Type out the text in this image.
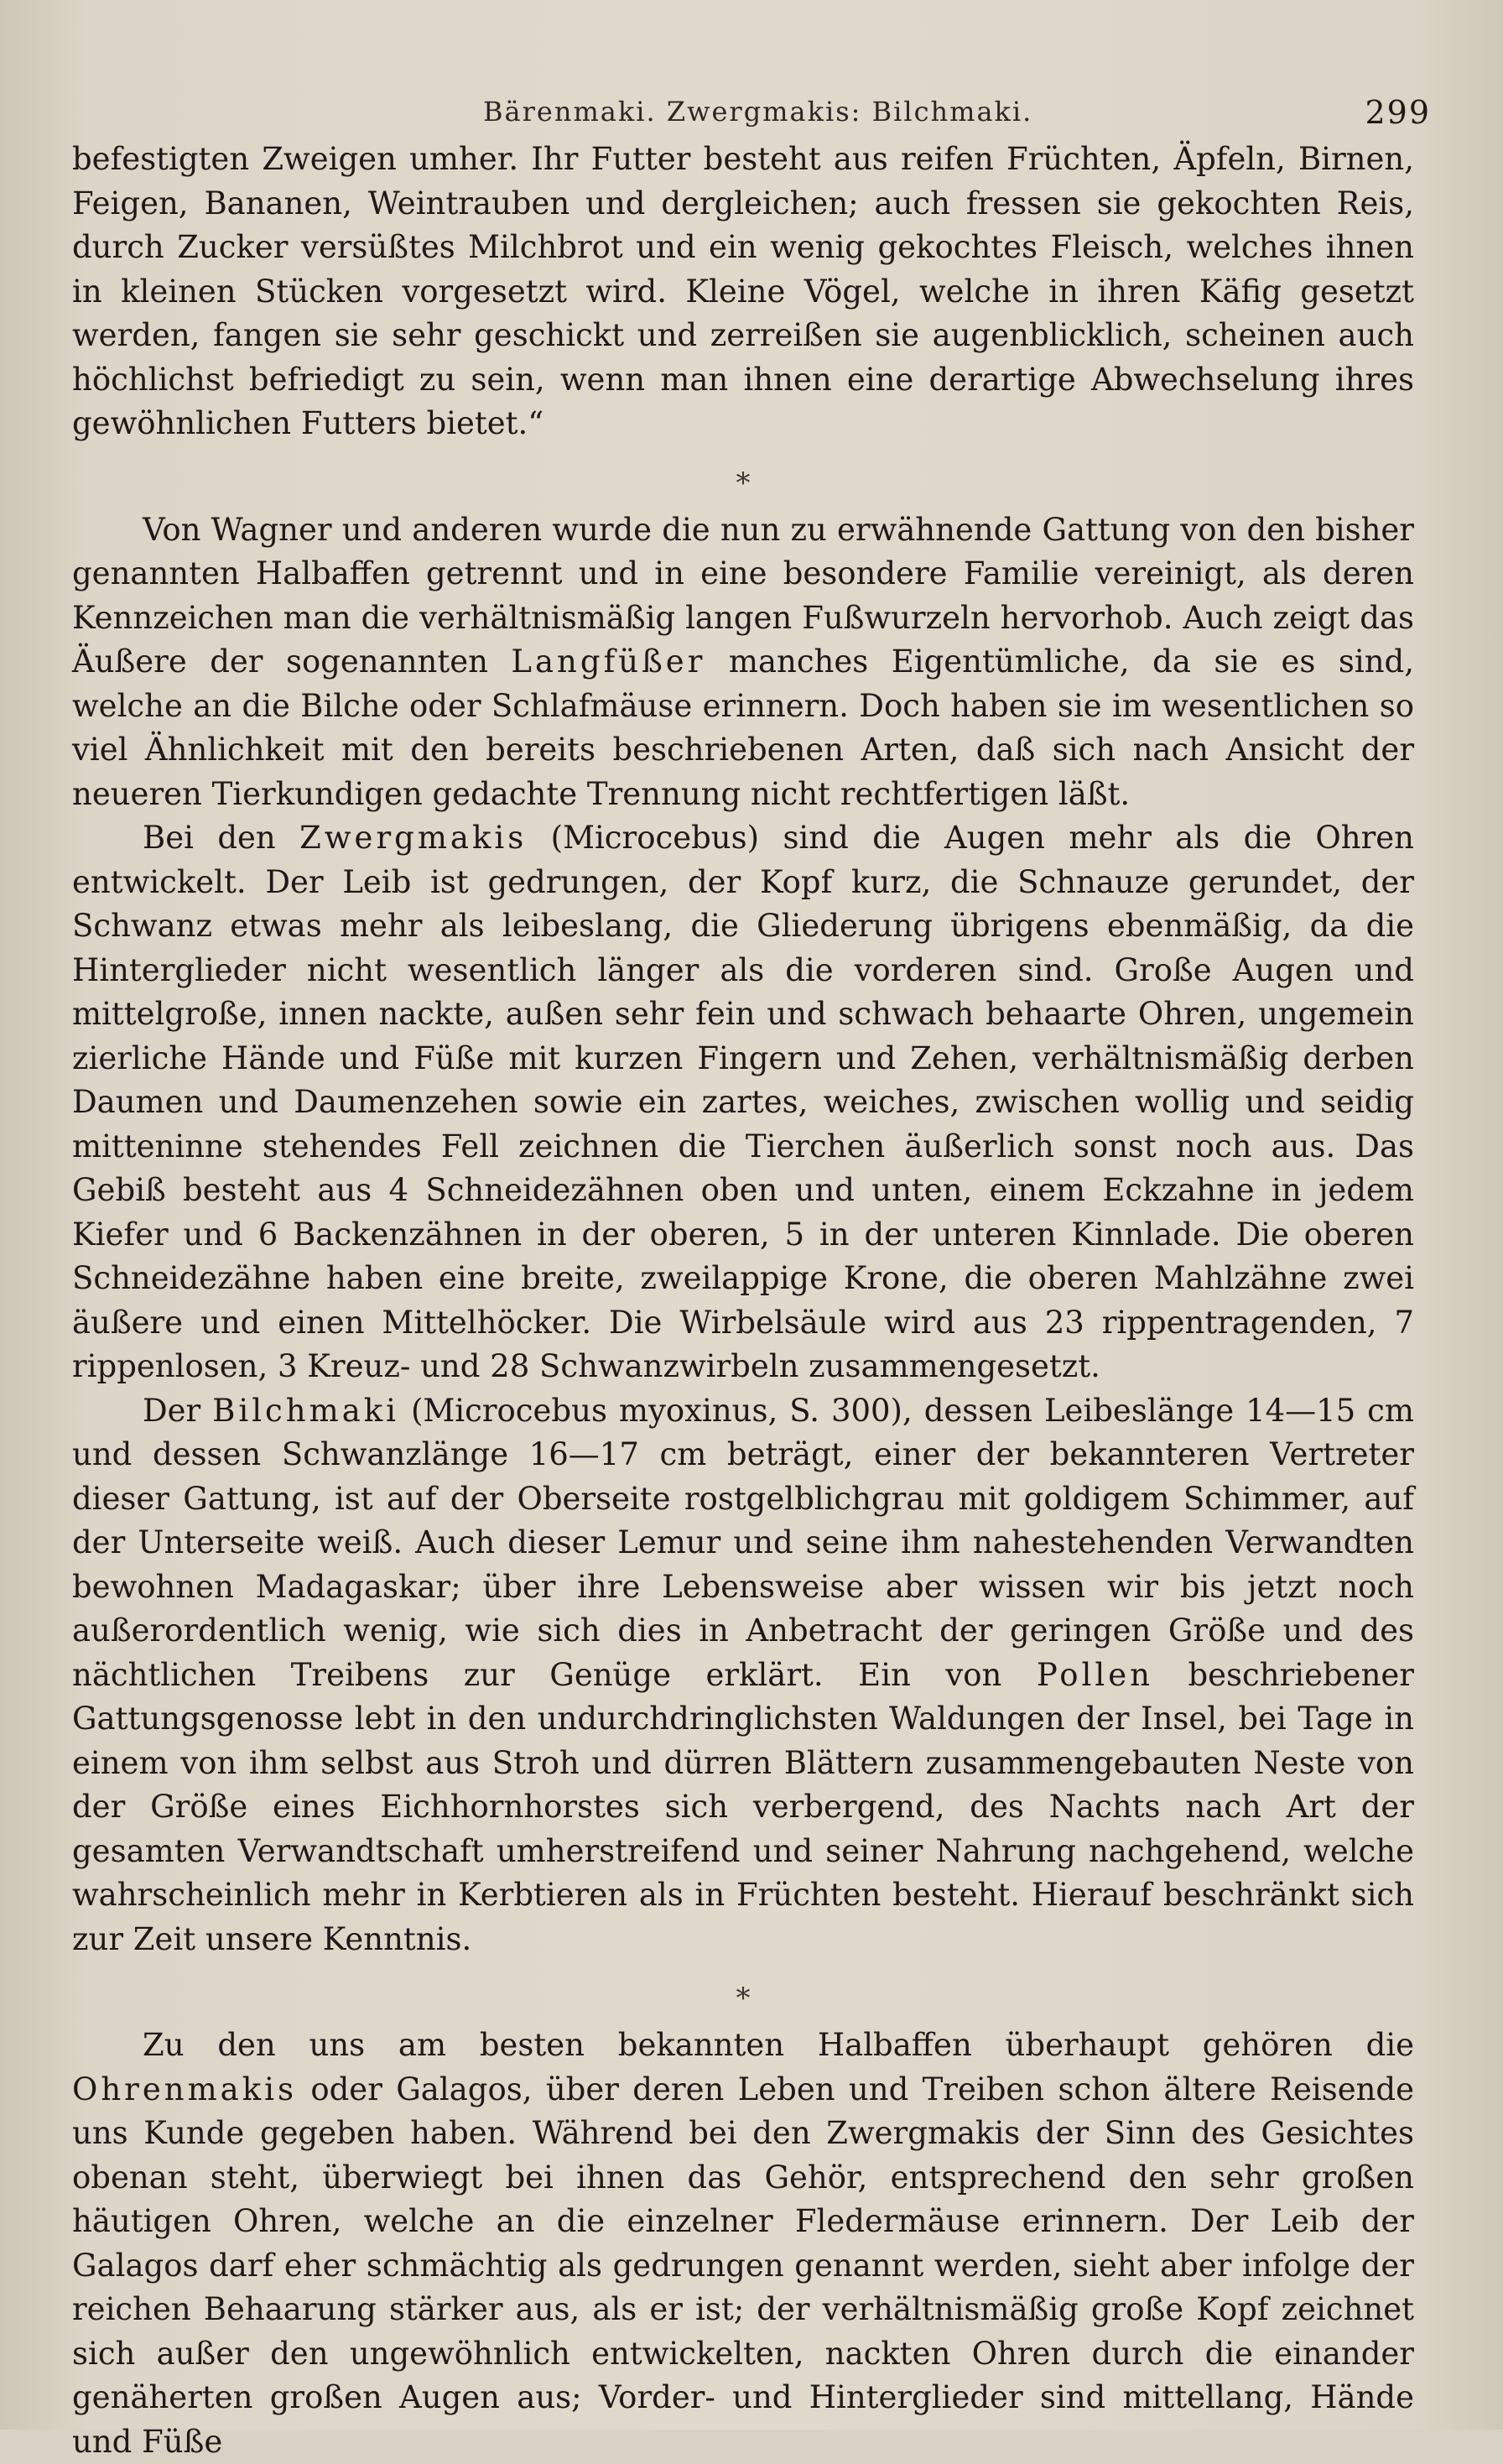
Bärenmaki. Zwergmakis: Bilchmaki.	299

befestigten Zweigen umher. Ihr Futter besteht aus reifen Früchten, Äpfeln, Birnen, Feigen, Bananen, Weintrauben und dergleichen; auch fressen sie gekochten Reis, durch Zucker versüßtes Milchbrot und ein wenig gekochtes Fleisch, welches ihnen in kleinen Stücken vorgesetzt wird. Kleine Vögel, welche in ihren Käfig gesetzt werden, fangen sie sehr geschickt und zerreißen sie augenblicklich, scheinen auch höchlichst befriedigt zu sein, wenn man ihnen eine derartige Abwechselung ihres gewöhnlichen Futters bietet.“

*

Von Wagner und anderen wurde die nun zu erwähnende Gattung von den bisher genannten Halbaffen getrennt und in eine besondere Familie vereinigt, als deren Kennzeichen man die verhältnismäßig langen Fußwurzeln hervorhob. Auch zeigt das Äußere der sogenannten Langfüßer manches Eigentümliche, da sie es sind, welche an die Bilche oder Schlafmäuse erinnern. Doch haben sie im wesentlichen so viel Ähnlichkeit mit den bereits beschriebenen Arten, daß sich nach Ansicht der neueren Tierkundigen gedachte Trennung nicht rechtfertigen läßt.

Bei den Zwergmakis (Microcebus) sind die Augen mehr als die Ohren entwickelt. Der Leib ist gedrungen, der Kopf kurz, die Schnauze gerundet, der Schwanz etwas mehr als leibeslang, die Gliederung übrigens ebenmäßig, da die Hinterglieder nicht wesentlich länger als die vorderen sind. Große Augen und mittelgroße, innen nackte, außen sehr fein und schwach behaarte Ohren, ungemein zierliche Hände und Füße mit kurzen Fingern und Zehen, verhältnismäßig derben Daumen und Daumenzehen sowie ein zartes, weiches, zwischen wollig und seidig mitteninne stehendes Fell zeichnen die Tierchen äußerlich sonst noch aus. Das Gebiß besteht aus 4 Schneidezähnen oben und unten, einem Eckzahne in jedem Kiefer und 6 Backenzähnen in der oberen, 5 in der unteren Kinnlade. Die oberen Schneidezähne haben eine breite, zweilappige Krone, die oberen Mahlzähne zwei äußere und einen Mittelhöcker. Die Wirbelsäule wird aus 23 rippentragenden, 7 rippenlosen, 3 Kreuz- und 28 Schwanzwirbeln zusammengesetzt.

Der Bilchmaki (Microcebus myoxinus, S. 300), dessen Leibeslänge 14—15 cm und dessen Schwanzlänge 16—17 cm beträgt, einer der bekannteren Vertreter dieser Gattung, ist auf der Oberseite rostgelblichgrau mit goldigem Schimmer, auf der Unterseite weiß. Auch dieser Lemur und seine ihm nahestehenden Verwandten bewohnen Madagaskar; über ihre Lebensweise aber wissen wir bis jetzt noch außerordentlich wenig, wie sich dies in Anbetracht der geringen Größe und des nächtlichen Treibens zur Genüge erklärt. Ein von Pollen beschriebener Gattungsgenosse lebt in den undurchdringlichsten Waldungen der Insel, bei Tage in einem von ihm selbst aus Stroh und dürren Blättern zusammengebauten Neste von der Größe eines Eichhornhorstes sich verbergend, des Nachts nach Art der gesamten Verwandtschaft umherstreifend und seiner Nahrung nachgehend, welche wahrscheinlich mehr in Kerbtieren als in Früchten besteht. Hierauf beschränkt sich zur Zeit unsere Kenntnis.

*

Zu den uns am besten bekannten Halbaffen überhaupt gehören die Ohrenmakis oder Galagos, über deren Leben und Treiben schon ältere Reisende uns Kunde gegeben haben. Während bei den Zwergmakis der Sinn des Gesichtes obenan steht, überwiegt bei ihnen das Gehör, entsprechend den sehr großen häutigen Ohren, welche an die einzelner Fledermäuse erinnern. Der Leib der Galagos darf eher schmächtig als gedrungen genannt werden, sieht aber infolge der reichen Behaarung stärker aus, als er ist; der verhältnismäßig große Kopf zeichnet sich außer den ungewöhnlich entwickelten, nackten Ohren durch die einander genäherten großen Augen aus; Vorder- und Hinterglieder sind mittellang, Hände und Füße
